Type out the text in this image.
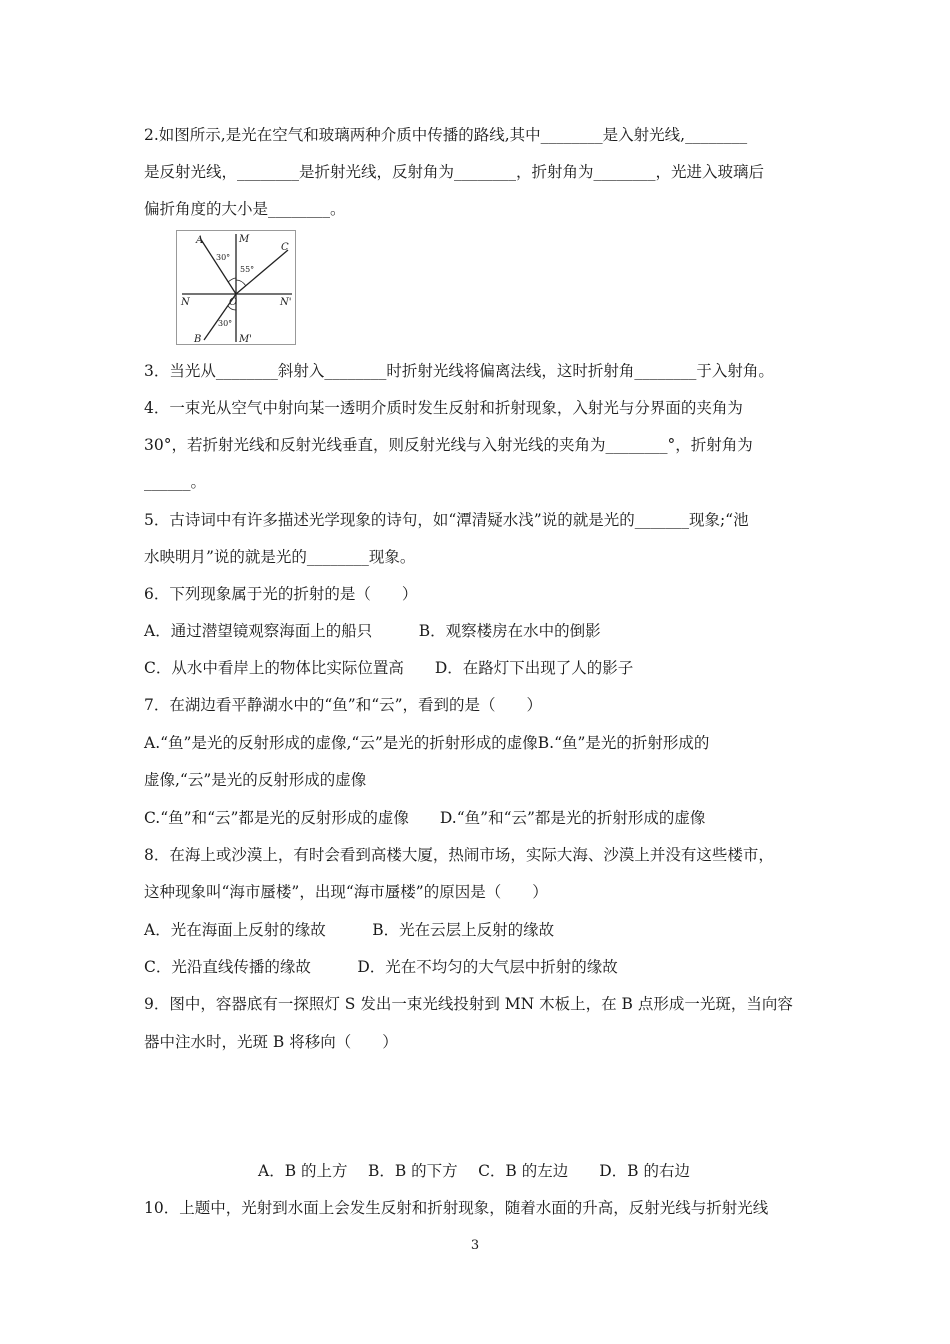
2.如图所示,是光在空气和玻璃两种介质中传播的路线,其中________是入射光线,________
是反射光线，________是折射光线，反射角为________，折射角为________，光进入玻璃后
偏折角度的大小是________。
A	M
C
N	O	N'
B	M'
30°
55°
30°
3．当光从________斜射入________时折射光线将偏离法线，这时折射角________于入射角。
4．一束光从空气中射向某一透明介质时发生反射和折射现象，入射光与分界面的夹角为
30°，若折射光线和反射光线垂直，则反射光线与入射光线的夹角为________°，折射角为
______。
5．古诗词中有许多描述光学现象的诗句，如“潭清疑水浅”说的就是光的_______现象;“池
水映明月”说的就是光的________现象。
6．下列现象属于光的折射的是（　　）
A．通过潜望镜观察海面上的船只　　　B．观察楼房在水中的倒影
C．从水中看岸上的物体比实际位置高　　D．在路灯下出现了人的影子
7．在湖边看平静湖水中的“鱼”和“云”，看到的是（　　）
A.“鱼”是光的反射形成的虚像,“云”是光的折射形成的虚像B.“鱼”是光的折射形成的
虚像,“云”是光的反射形成的虚像
C.“鱼”和“云”都是光的反射形成的虚像　　D.“鱼”和“云”都是光的折射形成的虚像
8．在海上或沙漠上，有时会看到高楼大厦，热闹市场，实际大海、沙漠上并没有这些楼市，
这种现象叫“海市蜃楼”，出现“海市蜃楼”的原因是（　　）
A．光在海面上反射的缘故　　　B．光在云层上反射的缘故
C．光沿直线传播的缘故　　　D．光在不均匀的大气层中折射的缘故
9．图中，容器底有一探照灯 S 发出一束光线投射到 MN 木板上，在 B 点形成一光斑，当向容
器中注水时，光斑 B 将移向（　　）
A．B 的上方　 B．B 的下方　 C．B 的左边　　D．B 的右边
10．上题中，光射到水面上会发生反射和折射现象，随着水面的升高，反射光线与折射光线
3
